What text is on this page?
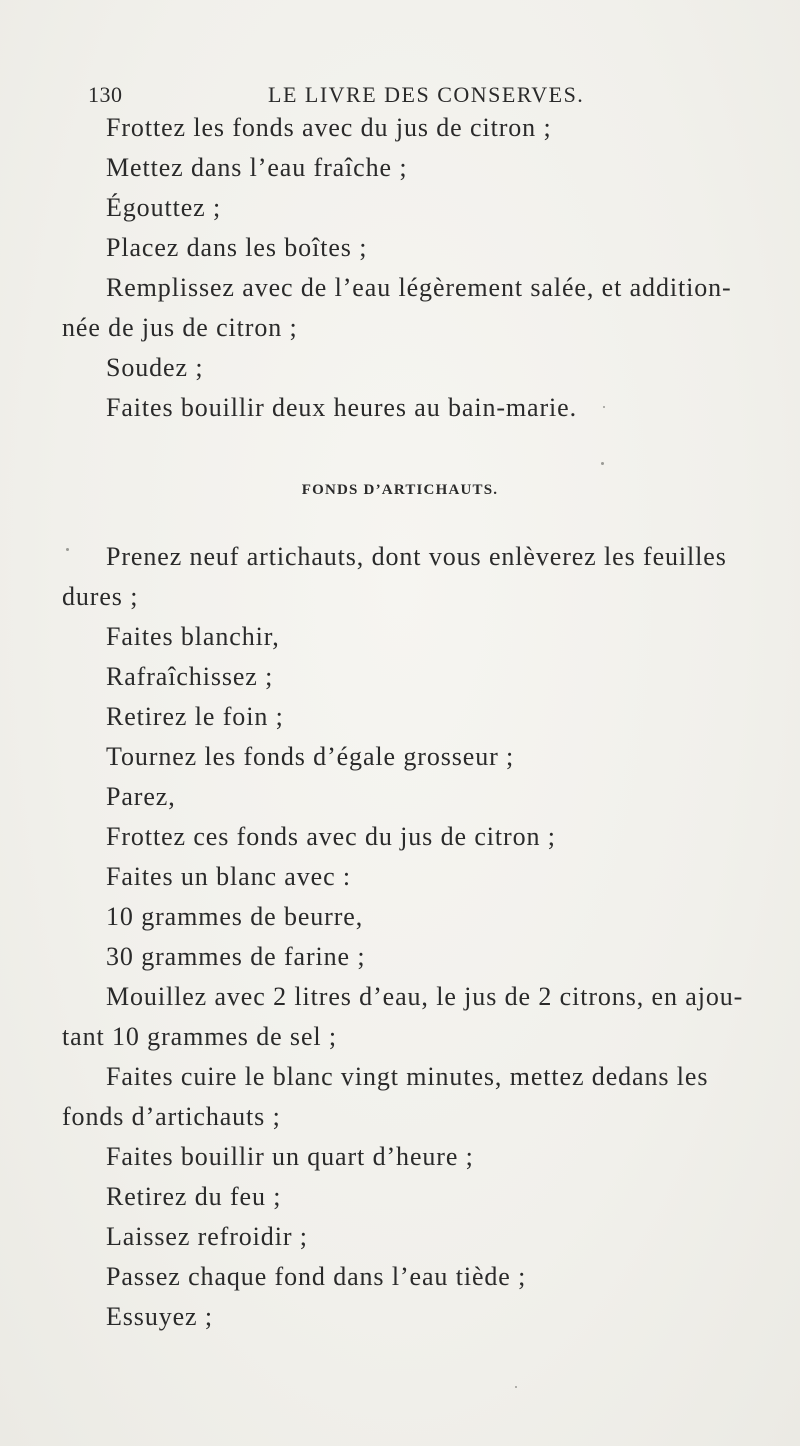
130	LE LIVRE DES CONSERVES.
Frottez les fonds avec du jus de citron ;
Mettez dans l’eau fraîche ;
Égouttez ;
Placez dans les boîtes ;
Remplissez avec de l’eau légèrement salée, et addition-
née de jus de citron ;
Soudez ;
Faites bouillir deux heures au bain-marie.
FONDS D’ARTICHAUTS.
Prenez neuf artichauts, dont vous enlèverez les feuilles
dures ;
Faites blanchir,
Rafraîchissez ;
Retirez le foin ;
Tournez les fonds d’égale grosseur ;
Parez,
Frottez ces fonds avec du jus de citron ;
Faites un blanc avec :
10 grammes de beurre,
30 grammes de farine ;
Mouillez avec 2 litres d’eau, le jus de 2 citrons, en ajou-
tant 10 grammes de sel ;
Faites cuire le blanc vingt minutes, mettez dedans les
fonds d’artichauts ;
Faites bouillir un quart d’heure ;
Retirez du feu ;
Laissez refroidir ;
Passez chaque fond dans l’eau tiède ;
Essuyez ;
